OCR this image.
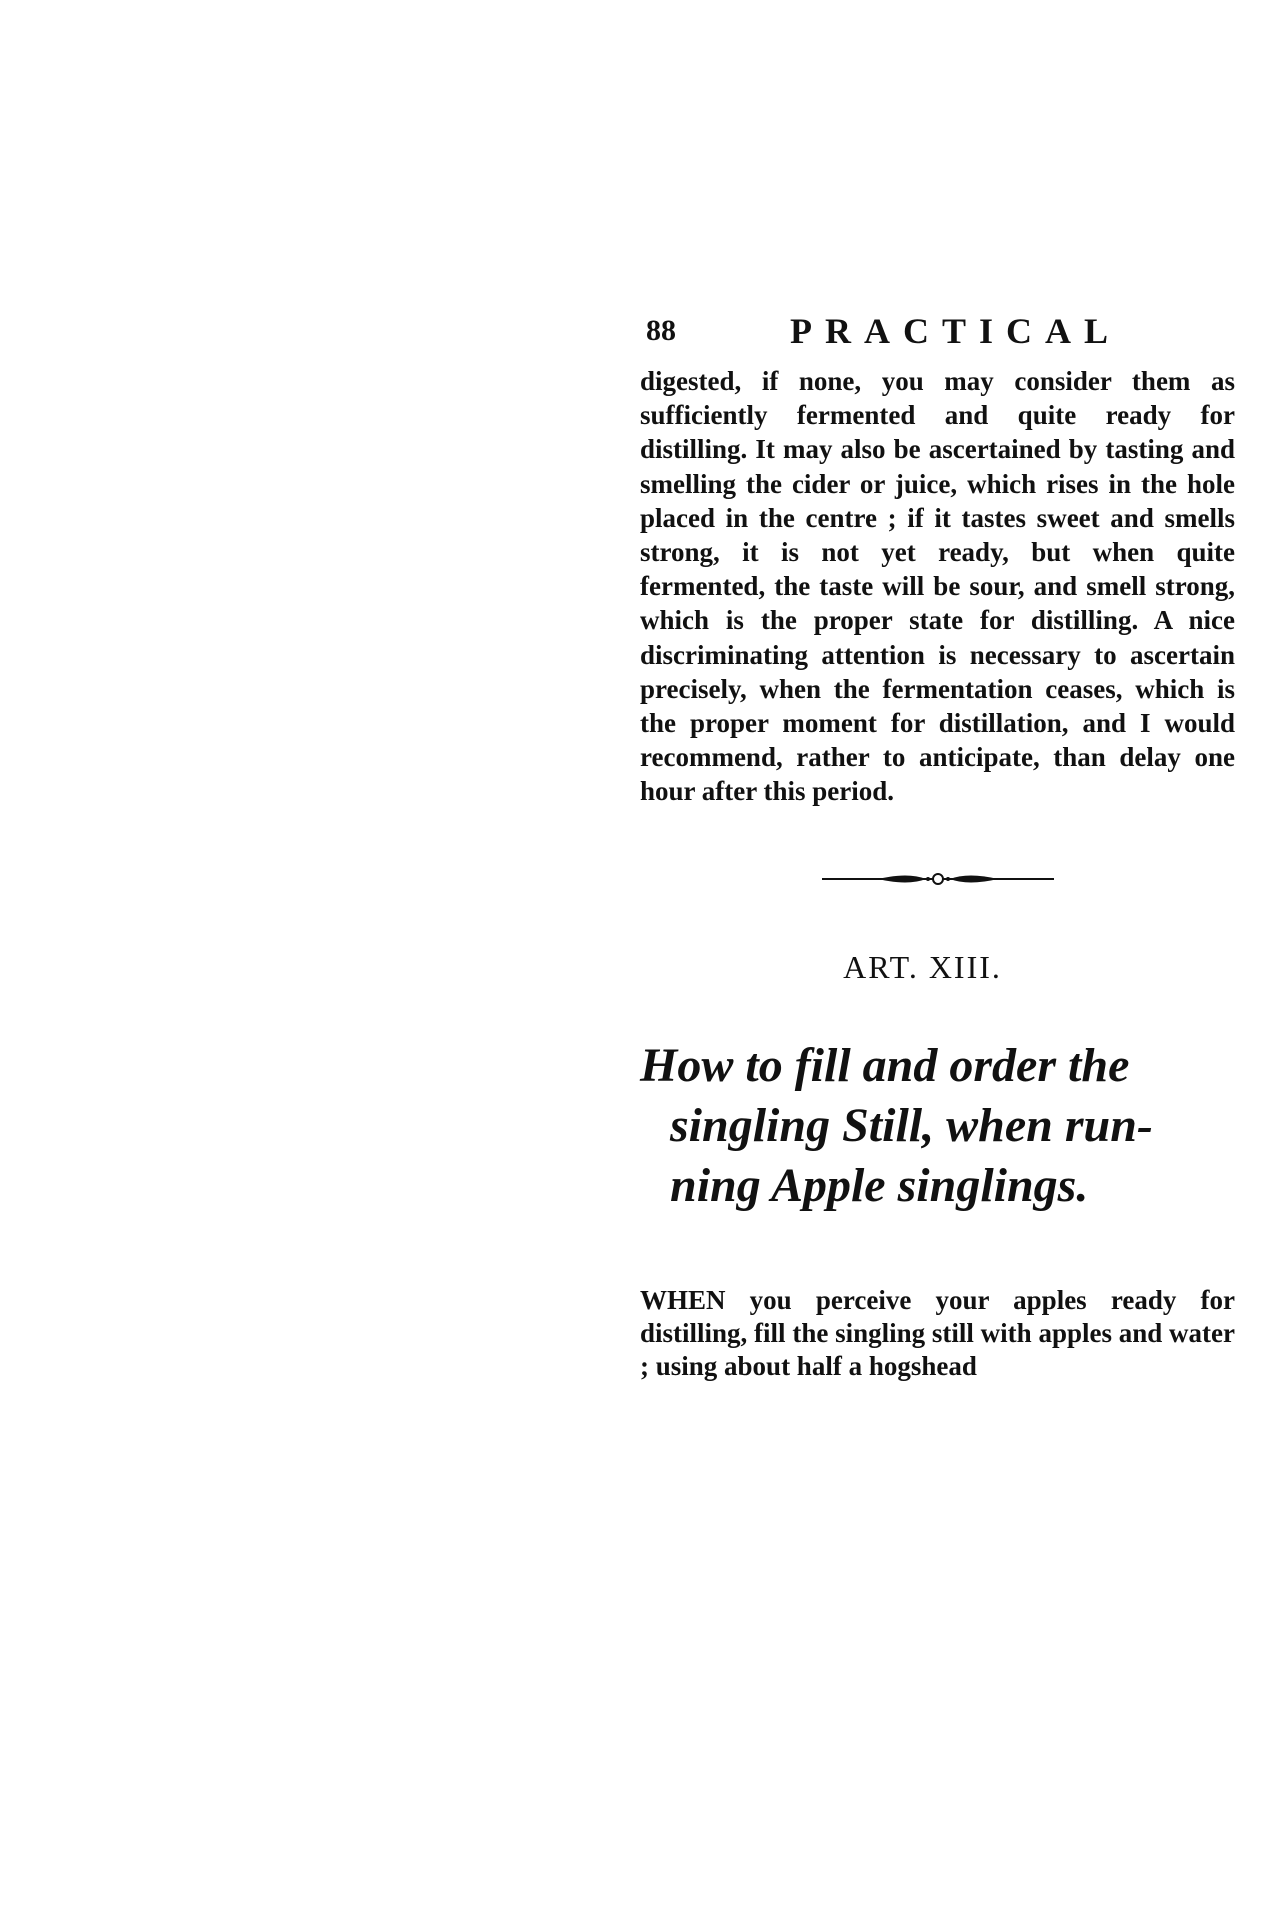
88	PRACTICAL

digested, if none, you may consider them as sufficiently fermented and quite ready for distilling. It may also be ascertained by tasting and smelling the cider or juice, which rises in the hole placed in the centre ; if it tastes sweet and smells strong, it is not yet ready, but when quite fermented, the taste will be sour, and smell strong, which is the proper state for distilling. A nice discriminating attention is necessary to ascertain precisely, when the fermentation ceases, which is the proper moment for distillation, and I would recommend, rather to anticipate, than delay one hour after this period.

ART. XIII.
How to fill and order the
singling Still, when run-
ning Apple singlings.

WHEN you perceive your apples ready for distilling, fill the singling still with apples and water ; using about half a hogshead
